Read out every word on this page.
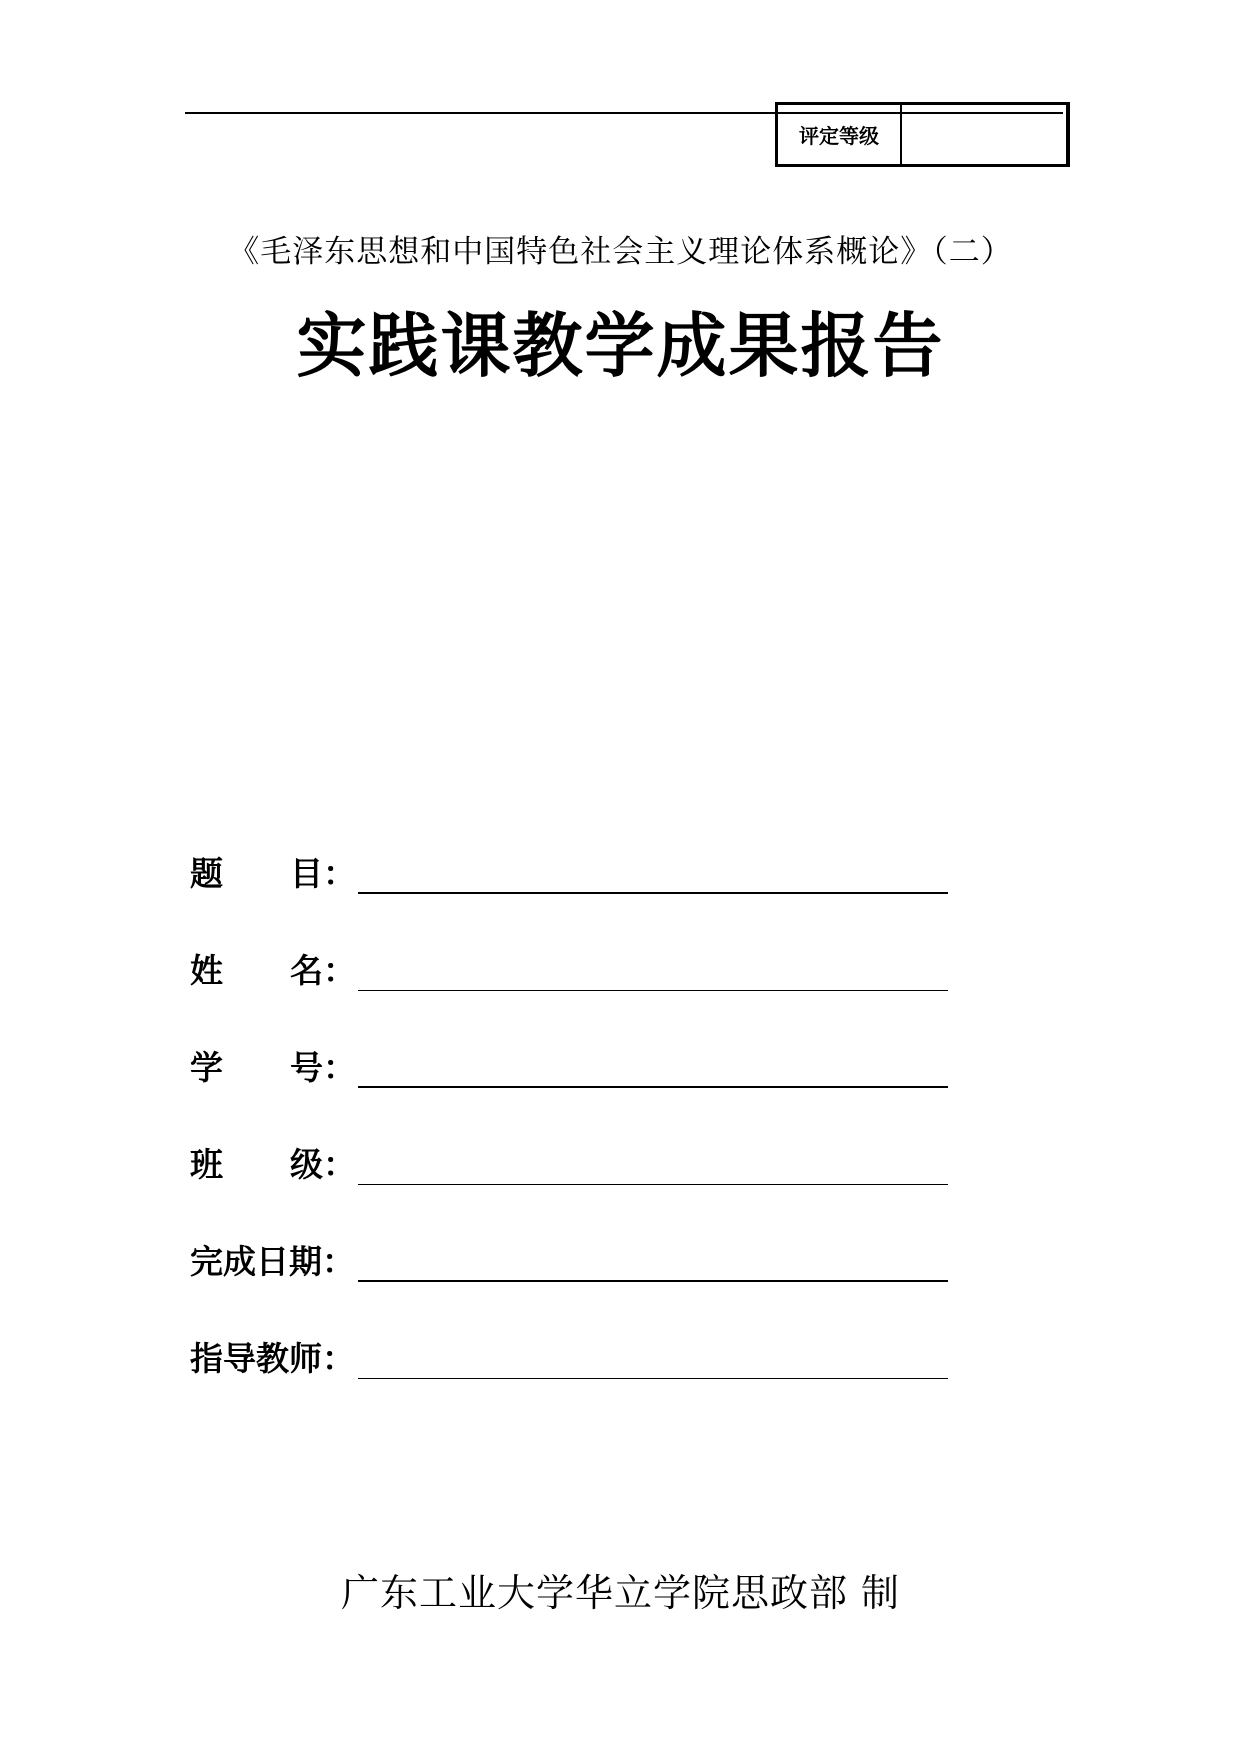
评定等级
《毛泽东思想和中国特色社会主义理论体系概论》（二）
实践课教学成果报告
题 目：
姓 名：
学 号：
班 级：
完成日期：
指导教师：
广东工业大学华立学院思政部 制
